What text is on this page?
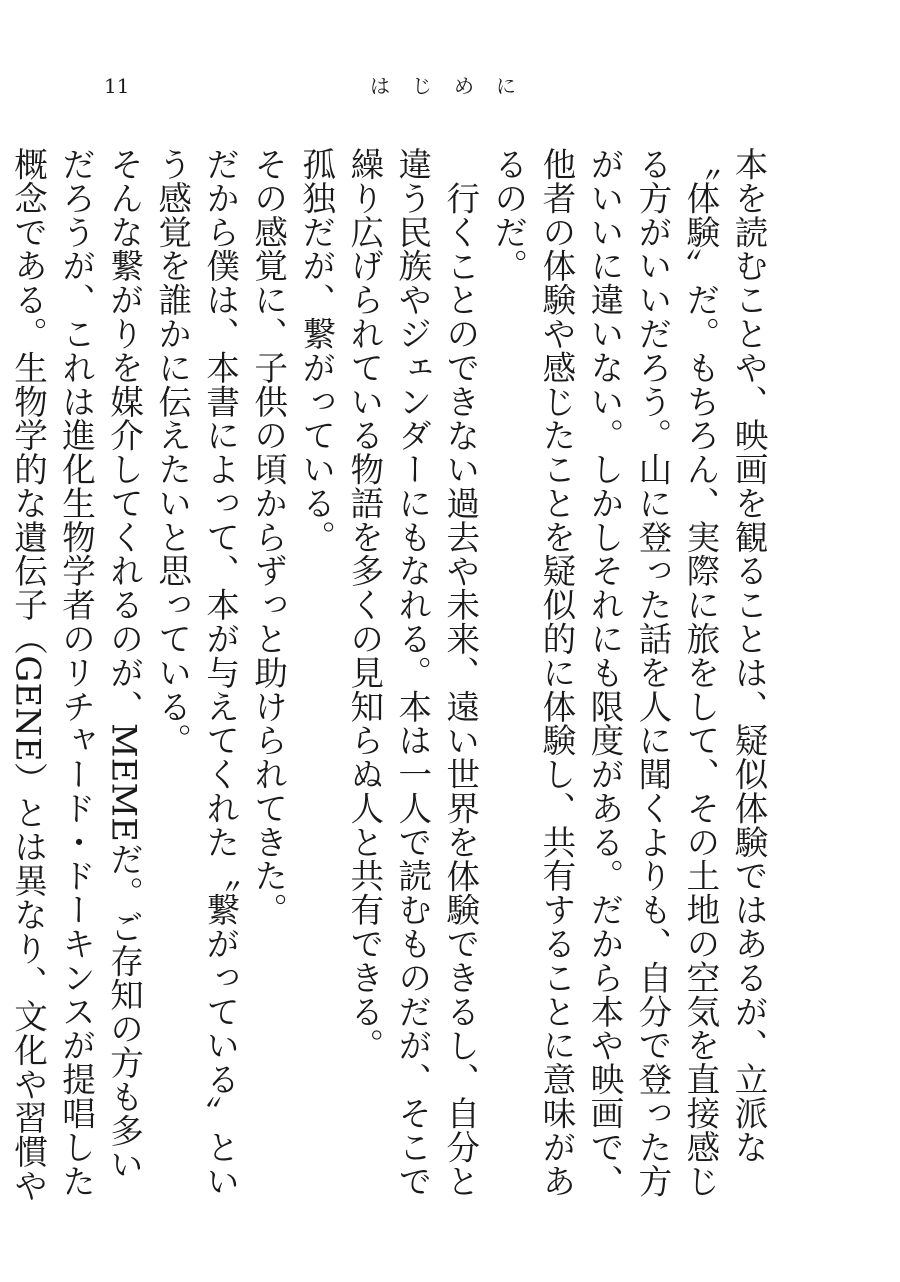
11	はじめに

本を読むことや、映画を観ることは、疑似体験ではあるが、立派な〝体験〟だ。もちろん、実際に旅をして、その土地の空気を直接感じる方がいいだろう。山に登った話を人に聞くよりも、自分で登った方がいいに違いない。しかしそれにも限度がある。だから本や映画で、他者の体験や感じたことを疑似的に体験し、共有することに意味があるのだ。

行くことのできない過去や未来、遠い世界を体験できるし、自分と違う民族やジェンダーにもなれる。本は一人で読むものだが、そこで繰り広げられている物語を多くの見知らぬ人と共有できる。

孤独だが、繋がっている。

その感覚に、子供の頃からずっと助けられてきた。

だから僕は、本書によって、本が与えてくれた〝繋がっている〟という感覚を誰かに伝えたいと思っている。

そんな繋がりを媒介してくれるのが、MEMEだ。ご存知の方も多いだろうが、これは進化生物学者のリチャード・ドーキンスが提唱した概念である。生物学的な遺伝子（GENE）とは異なり、文化や習慣や
